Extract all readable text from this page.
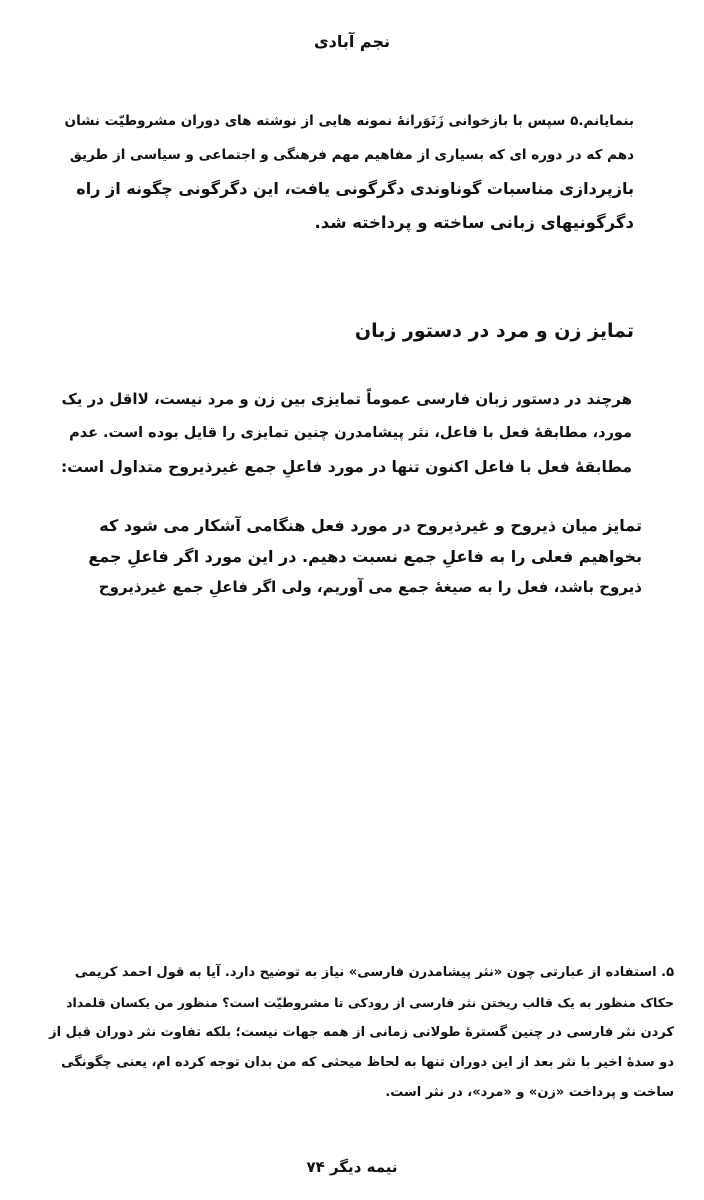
نجم آبادی

بنمایانم.۵ سپس با بازخوانی زَنَوَرانهٔ نمونه هایی از نوشته های دوران مشروطیّت نشان
دهم که در دوره ای که بسیاری از مفاهیم مهم فرهنگی و اجتماعی و سیاسی از طریق
بازپردازی مناسبات گوناوندی دگرگونی یافت، این دگرگونی چگونه از راه
دگرگونیهای زبانی ساخته و پرداخته شد.

تمایز زن و مرد در دستور زبان

هرچند در دستور زبان فارسی عموماً تمایزی بین زن و مرد نیست، لااقل در یک
مورد، مطابقهٔ فعل با فاعل، نثر پیشامدرن چنین تمایزی را قایل بوده است. عدم
مطابقهٔ فعل با فاعل اکنون تنها در مورد فاعلِ جمع غیرذیروح متداول است:

تمایز میان ذیروح و غیرذیروح در مورد فعل هنگامی آشکار می شود که
بخواهیم فعلی را به فاعلِ جمع نسبت دهیم. در این مورد اگر فاعلِ جمع
ذیروح باشد، فعل را به صیغهٔ جمع می آوریم، ولی اگر فاعلِ جمع غیرذیروح
۵. استفاده از عبارتی چون «نثر پیشامدرن فارسی» نیاز به توضیح دارد. آیا به قول احمد کریمی
حکاک منظور به یک قالب ریختن نثر فارسی از رودکی تا مشروطیّت است؟ منظور من یکسان قلمداد
کردن نثر فارسی در چنین گسترهٔ طولانی زمانی از همه جهات نیست؛ بلکه تفاوت نثر دوران قبل از
دو سدهٔ اخیر با نثر بعد از این دوران تنها به لحاظ میحثی که من بدان توجه کرده ام، یعنی چگونگی
ساخت و پرداخت «زن» و «مرد»، در نثر است.
نیمه دیگر ۷۴
